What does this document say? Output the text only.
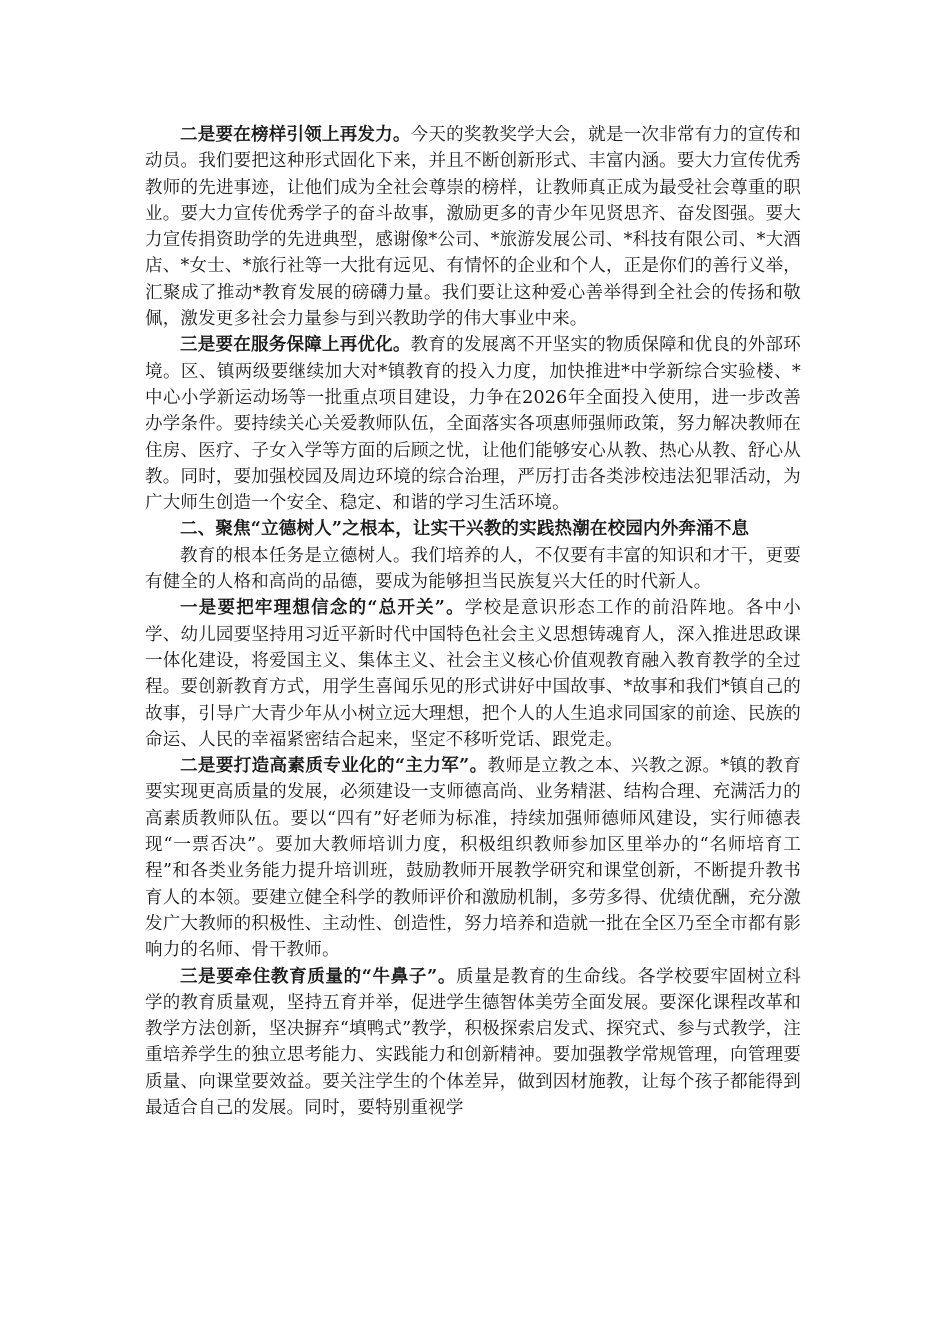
二是要在榜样引领上再发力。今天的奖教奖学大会，就是一次非常有力的宣传和动员。我们要把这种形式固化下来，并且不断创新形式、丰富内涵。要大力宣传优秀教师的先进事迹，让他们成为全社会尊崇的榜样，让教师真正成为最受社会尊重的职业。要大力宣传优秀学子的奋斗故事，激励更多的青少年见贤思齐、奋发图强。要大力宣传捐资助学的先进典型，感谢像*公司、*旅游发展公司、*科技有限公司、*大酒店、*女士、*旅行社等一大批有远见、有情怀的企业和个人，正是你们的善行义举，汇聚成了推动*教育发展的磅礴力量。我们要让这种爱心善举得到全社会的传扬和敬佩，激发更多社会力量参与到兴教助学的伟大事业中来。

三是要在服务保障上再优化。教育的发展离不开坚实的物质保障和优良的外部环境。区、镇两级要继续加大对*镇教育的投入力度，加快推进*中学新综合实验楼、*中心小学新运动场等一批重点项目建设，力争在2026年全面投入使用，进一步改善办学条件。要持续关心关爱教师队伍，全面落实各项惠师强师政策，努力解决教师在住房、医疗、子女入学等方面的后顾之忧，让他们能够安心从教、热心从教、舒心从教。同时，要加强校园及周边环境的综合治理，严厉打击各类涉校违法犯罪活动，为广大师生创造一个安全、稳定、和谐的学习生活环境。

二、聚焦“立德树人”之根本，让实干兴教的实践热潮在校园内外奔涌不息

教育的根本任务是立德树人。我们培养的人，不仅要有丰富的知识和才干，更要有健全的人格和高尚的品德，要成为能够担当民族复兴大任的时代新人。

一是要把牢理想信念的“总开关”。学校是意识形态工作的前沿阵地。各中小学、幼儿园要坚持用习近平新时代中国特色社会主义思想铸魂育人，深入推进思政课一体化建设，将爱国主义、集体主义、社会主义核心价值观教育融入教育教学的全过程。要创新教育方式，用学生喜闻乐见的形式讲好中国故事、*故事和我们*镇自己的故事，引导广大青少年从小树立远大理想，把个人的人生追求同国家的前途、民族的命运、人民的幸福紧密结合起来，坚定不移听党话、跟党走。

二是要打造高素质专业化的“主力军”。教师是立教之本、兴教之源。*镇的教育要实现更高质量的发展，必须建设一支师德高尚、业务精湛、结构合理、充满活力的高素质教师队伍。要以“四有”好老师为标准，持续加强师德师风建设，实行师德表现“一票否决”。要加大教师培训力度，积极组织教师参加区里举办的“名师培育工程”和各类业务能力提升培训班，鼓励教师开展教学研究和课堂创新，不断提升教书育人的本领。要建立健全科学的教师评价和激励机制，多劳多得、优绩优酬，充分激发广大教师的积极性、主动性、创造性，努力培养和造就一批在全区乃至全市都有影响力的名师、骨干教师。

三是要牵住教育质量的“牛鼻子”。质量是教育的生命线。各学校要牢固树立科学的教育质量观，坚持五育并举，促进学生德智体美劳全面发展。要深化课程改革和教学方法创新，坚决摒弃“填鸭式”教学，积极探索启发式、探究式、参与式教学，注重培养学生的独立思考能力、实践能力和创新精神。要加强教学常规管理，向管理要质量、向课堂要效益。要关注学生的个体差异，做到因材施教，让每个孩子都能得到最适合自己的发展。同时，要特别重视学
